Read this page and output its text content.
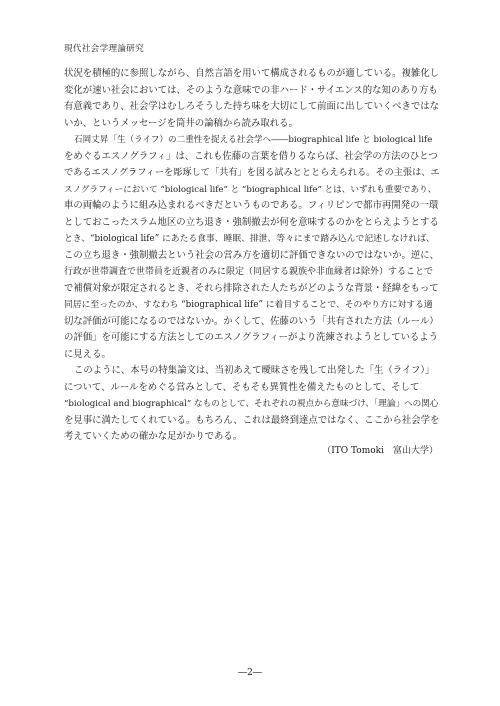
現代社会学理論研究
状況を積極的に参照しながら、自然言語を用いて構成されるものが適している。複雑化し
変化が速い社会においては、そのような意味での非ハード・サイエンス的な知のあり方も
有意義であり、社会学はむしろそうした持ち味を大切にして前面に出していくべきではな
いか、というメッセージを筒井の論稿から読み取れる。
石岡丈昇「生（ライフ）の二重性を捉える社会学へ――biographical life と biological life
をめぐるエスノグラフィ」は、これも佐藤の言葉を借りるならば、社会学の方法のひとつ
であるエスノグラフィーを彫琢して「共有」を図る試みとととらえられる。その主張は、エ
スノグラフィーにおいて “biological life” と “biographical life” とは、いずれも重要であり、
車の両輪のように組み込まれるべきだというものである。フィリピンで都市再開発の一環
としておこったスラム地区の立ち退き・強制撤去が何を意味するのかをとらえようとする
とき、“biological life” にあたる食事、睡眠、排泄、等々にまで踏み込んで記述しなければ、
この立ち退き・強制撤去という社会の営み方を適切に評価できないのではないか。逆に、
行政が世帯調査で世帯員を近親者のみに限定（同居する親族や非血縁者は除外）することで
で補償対象が限定されるとき、それら排除された人たちがどのような背景・経緯をもって
同居に至ったのか、すなわち “biographical life” に着目することで、そのやり方に対する適
切な評価が可能になるのではないか。かくして、佐藤のいう「共有された方法（ルール）
の評価」を可能にする方法としてのエスノグラフィーがより洗練されようとしているよう
に見える。
このように、本号の特集論文は、当初あえて曖昧さを残して出発した「生（ライフ）」
について、ルールをめぐる営みとして、そもそも異質性を備えたものとして、そして
“biological and biographical” なものとして、それぞれの視点から意味づけ、「理論」への関心
を見事に満たしてくれている。もちろん、これは最終到達点ではなく、ここから社会学を
考えていくための確かな足がかりである。
（ITO Tomoki　富山大学）
―2―
